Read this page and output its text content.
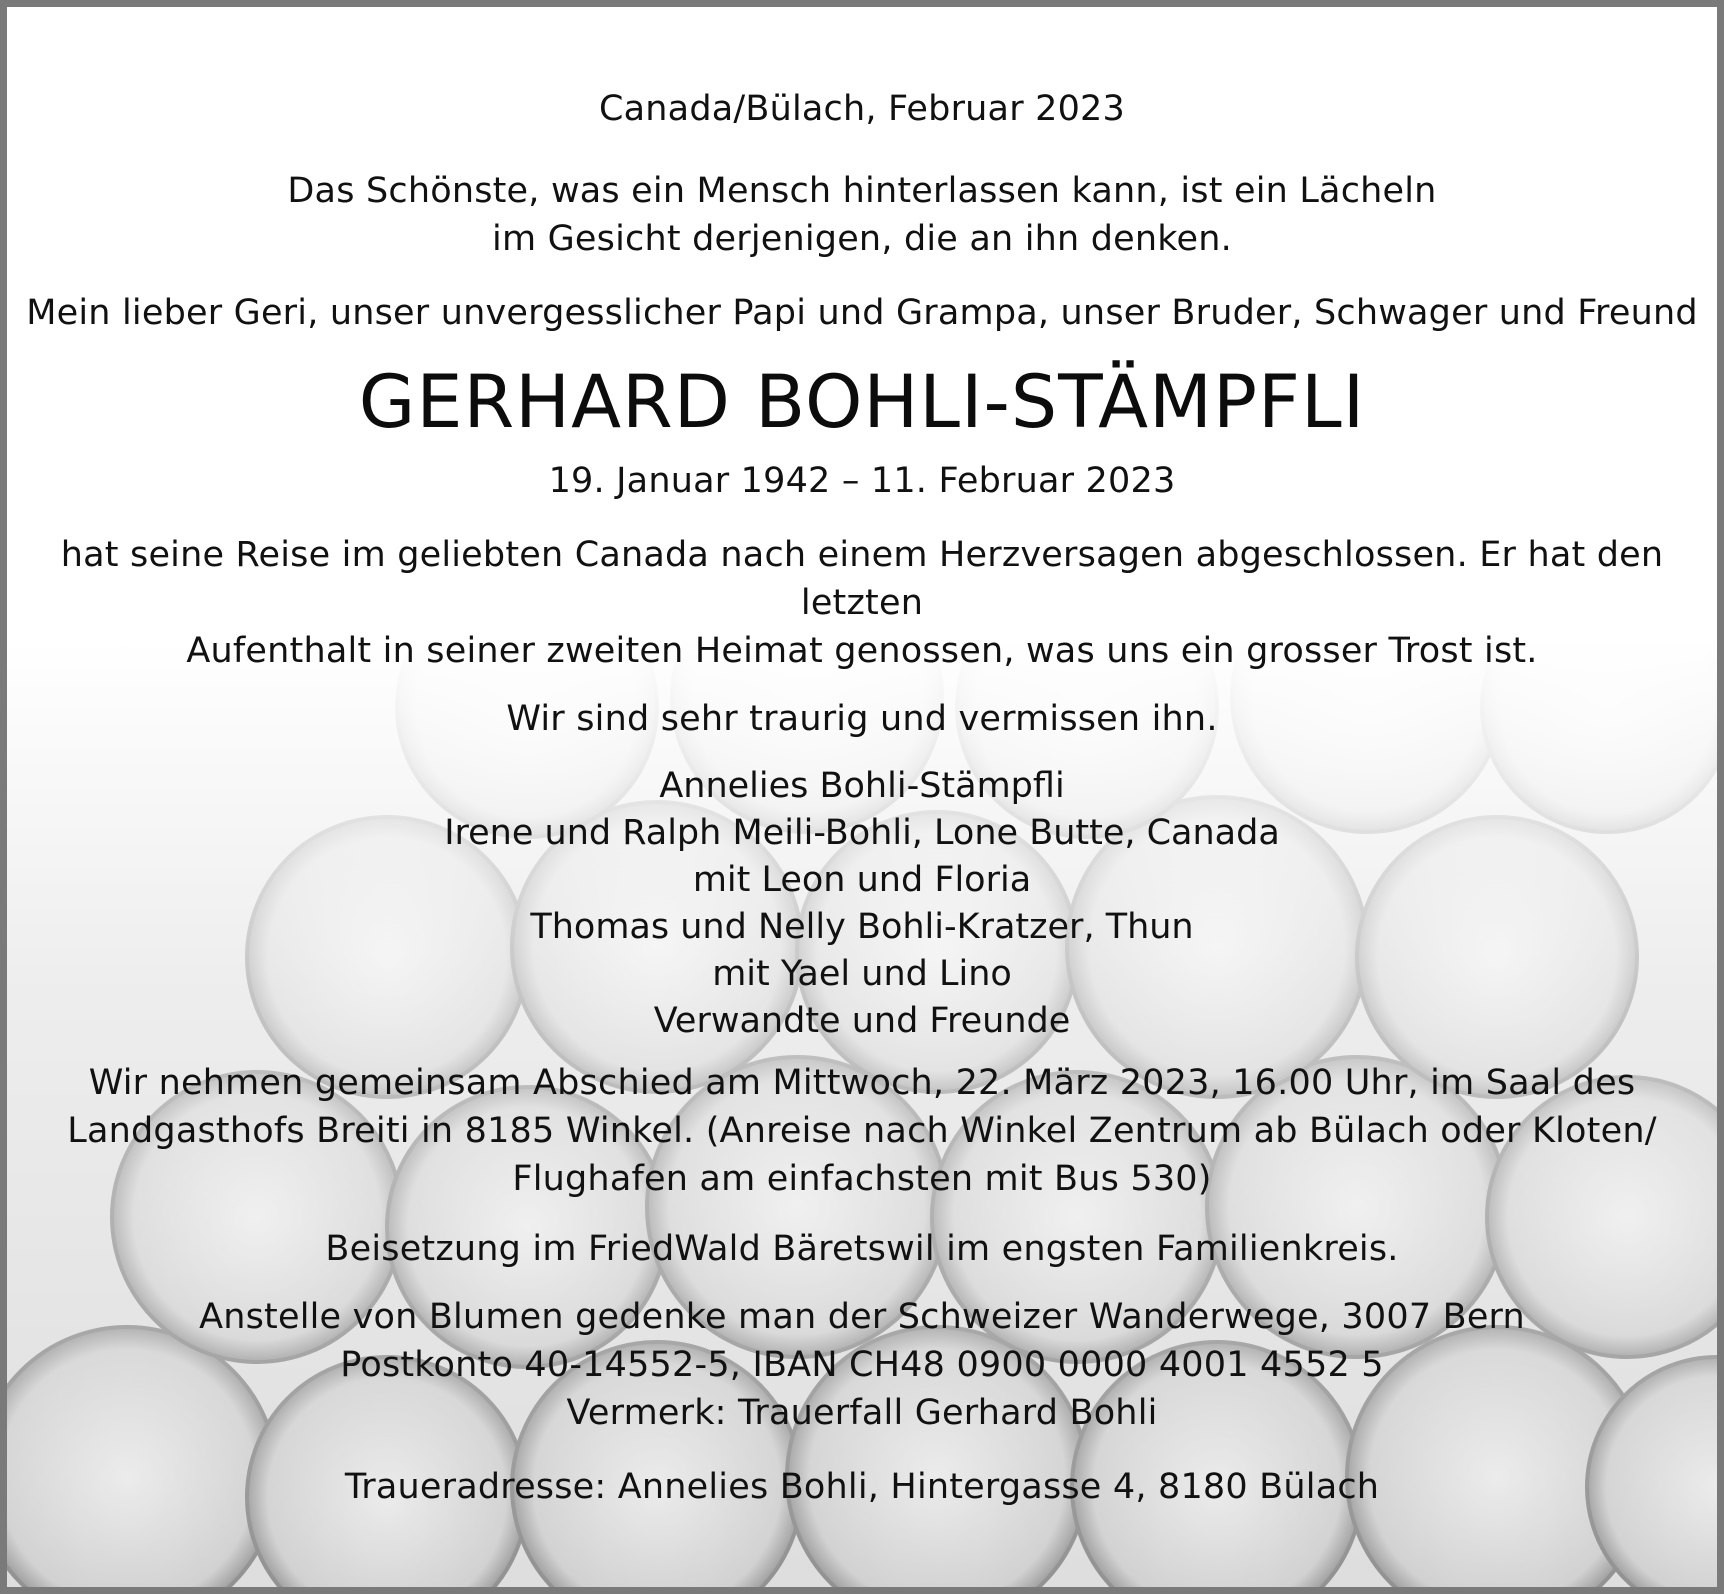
Canada/Bülach, Februar 2023

Das Schönste, was ein Mensch hinterlassen kann, ist ein Lächeln

im Gesicht derjenigen, die an ihn denken.

Mein lieber Geri, unser unvergesslicher Papi und Grampa, unser Bruder, Schwager und Freund

GERHARD BOHLI-STÄMPFLI

19. Januar 1942 – 11. Februar 2023

hat seine Reise im geliebten Canada nach einem Herzversagen abgeschlossen. Er hat den letzten

Aufenthalt in seiner zweiten Heimat genossen, was uns ein grosser Trost ist.

Wir sind sehr traurig und vermissen ihn.

Annelies Bohli-Stämpfli
Irene und Ralph Meili-Bohli, Lone Butte, Canada
mit Leon und Floria
Thomas und Nelly Bohli-Kratzer, Thun
mit Yael und Lino
Verwandte und Freunde

Wir nehmen gemeinsam Abschied am Mittwoch, 22. März 2023, 16.00 Uhr, im Saal des

Landgasthofs Breiti in 8185 Winkel. (Anreise nach Winkel Zentrum ab Bülach oder Kloten/

Flughafen am einfachsten mit Bus 530)

Beisetzung im FriedWald Bäretswil im engsten Familienkreis.

Anstelle von Blumen gedenke man der Schweizer Wanderwege, 3007 Bern

Postkonto 40-14552-5, IBAN CH48 0900 0000 4001 4552 5

Vermerk: Trauerfall Gerhard Bohli

Traueradresse: Annelies Bohli, Hintergasse 4, 8180 Bülach
